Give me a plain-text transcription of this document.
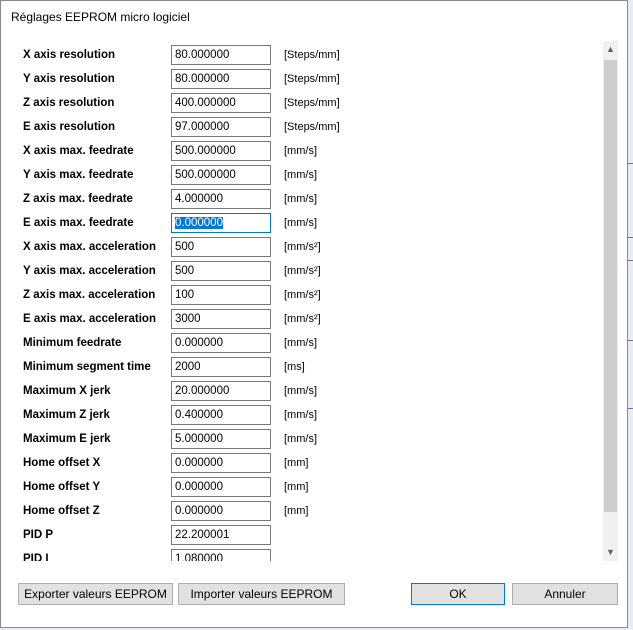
Réglages EEPROM micro logiciel
X axis resolution	80.000000	[Steps/mm]
Y axis resolution	80.000000	[Steps/mm]
Z axis resolution	400.000000	[Steps/mm]
E axis resolution	97.000000	[Steps/mm]
X axis max. feedrate	500.000000	[mm/s]
Y axis max. feedrate	500.000000	[mm/s]
Z axis max. feedrate	4.000000	[mm/s]
E axis max. feedrate	0.000000	[mm/s]
X axis max. acceleration	500	[mm/s²]
Y axis max. acceleration	500	[mm/s²]
Z axis max. acceleration	100	[mm/s²]
E axis max. acceleration	3000	[mm/s²]
Minimum feedrate	0.000000	[mm/s]
Minimum segment time	2000	[ms]
Maximum X jerk	20.000000	[mm/s]
Maximum Z jerk	0.400000	[mm/s]
Maximum E jerk	5.000000	[mm/s]
Home offset X	0.000000	[mm]
Home offset Y	0.000000	[mm]
Home offset Z	0.000000	[mm]
PID P	22.200001
PID I	1.080000
▲
▼
Exporter valeurs EEPROM	Importer valeurs EEPROM	OK	Annuler
